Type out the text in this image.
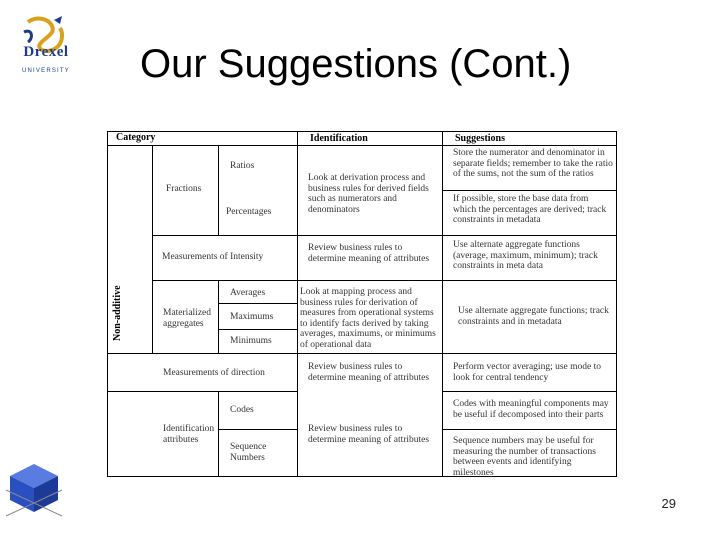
Drexel
UNIVERSITY Our Suggestions (Cont.)
Category	Identification	Suggestions
Non-additive
Fractions
Ratios
Percentages
Look at derivation process and business rules for derived fields such as numerators and denominators
Store the numerator and denominator in separate fields; remember to take the ratio of the sums, not the sum of the ratios
If possible, store the base data from which the percentages are derived; track constraints in metadata
Measurements of Intensity
Review business rules to determine meaning of attributes
Use alternate aggregate functions (average, maximum, minimum); track constraints in meta data
Materialized aggregates
Averages
Maximums
Minimums
Look at mapping process and business rules for derivation of measures from operational systems to identify facts derived by taking averages, maximums, or minimums of operational data
Use alternate aggregate functions; track constraints and in metadata
Measurements of direction
Review business rules to determine meaning of attributes
Perform vector averaging; use mode to look for central tendency
Identification attributes
Codes
Sequence Numbers
Review business rules to determine meaning of attributes
Codes with meaningful components may be useful if decomposed into their parts
Sequence numbers may be useful for measuring the number of transactions between events and identifying milestones
29
